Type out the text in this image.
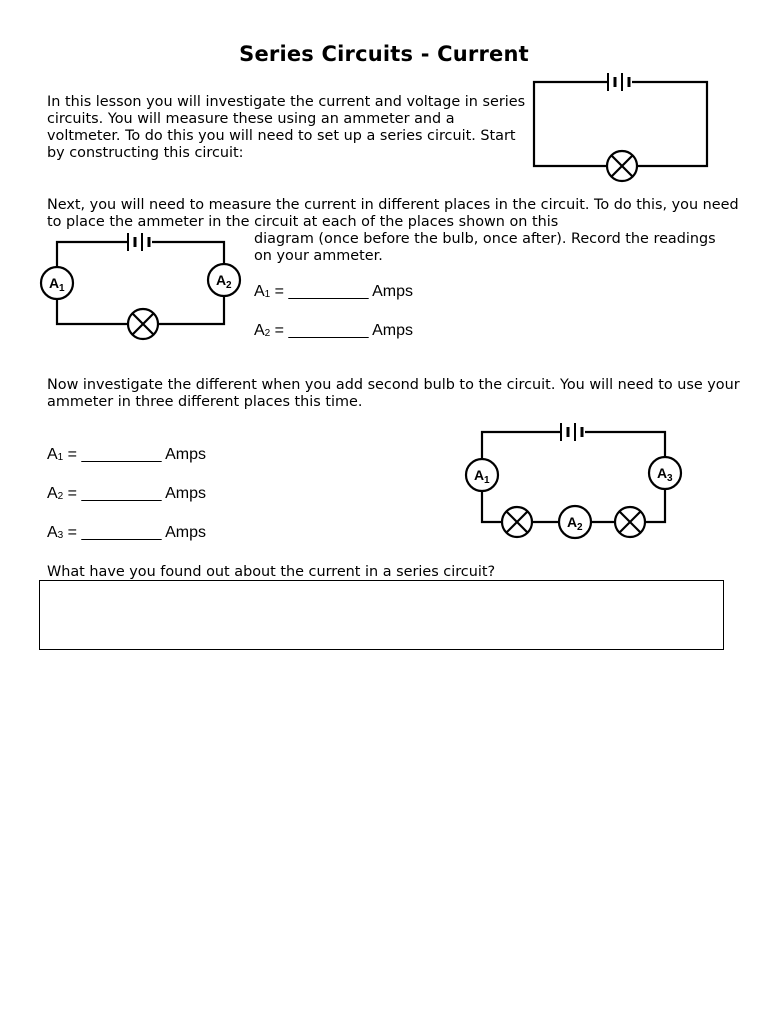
Series Circuits - Current
In this lesson you will investigate the current and voltage in series circuits. You will measure these using an ammeter and a voltmeter. To do this you will need to set up a series circuit. Start by constructing this circuit:
Next, you will need to measure the current in different places in the circuit. To do this, you need to place the ammeter in the circuit at each of the places shown on this
A 1
A 2
diagram (once before the bulb, once after). Record the readings on your ammeter.
$A_1$ = _________ Amps
$A_2$ = _________ Amps
Now investigate the different when you add second bulb to the circuit. You will need to use your ammeter in three different places this time.
$A_1$ = _________ Amps
$A_2$ = _________ Amps
$A_3$ = _________ Amps
A 1	A 3
A 2
What have you found out about the current in a series circuit?
